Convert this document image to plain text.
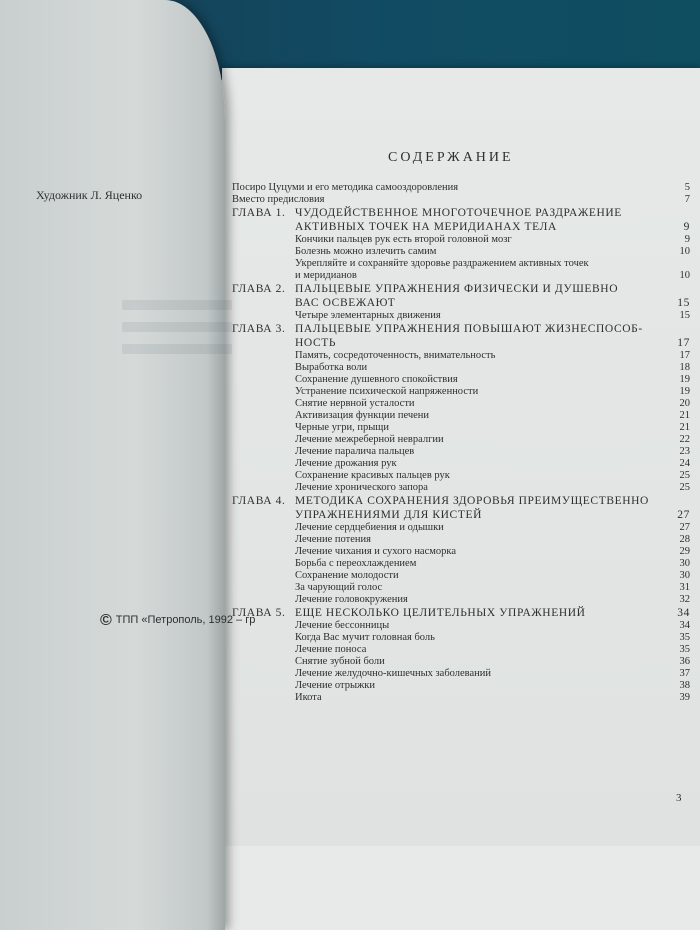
Художник Л. Яценко
© ТПП «Петрополь, 1992 – гр
СОДЕРЖАНИЕ
Посиро Цуцуми и его методика самооздоровления	5
Вместо предисловия	7
ГЛАВА 1. ЧУДОДЕЙСТВЕННОЕ МНОГОТОЧЕЧНОЕ РАЗДРАЖЕНИЕ
АКТИВНЫХ ТОЧЕК НА МЕРИДИАНАХ ТЕЛА	9
Кончики пальцев рук есть второй головной мозг	9
Болезнь можно излечить самим	10
Укрепляйте и сохраняйте здоровье раздражением активных точек
и меридианов	10
ГЛАВА 2. ПАЛЬЦЕВЫЕ УПРАЖНЕНИЯ ФИЗИЧЕСКИ И ДУШЕВНО
ВАС ОСВЕЖАЮТ	15
Четыре элементарных движения	15
ГЛАВА 3. ПАЛЬЦЕВЫЕ УПРАЖНЕНИЯ ПОВЫШАЮТ ЖИЗНЕСПОСОБ-
НОСТЬ	17
Память, сосредоточенность, внимательность	17
Выработка воли	18
Сохранение душевного спокойствия	19
Устранение психической напряженности	19
Снятие нервной усталости	20
Активизация функции печени	21
Черные угри, прыщи	21
Лечение межреберной невралгии	22
Лечение паралича пальцев	23
Лечение дрожания рук	24
Сохранение красивых пальцев рук	25
Лечение хронического запора	25
ГЛАВА 4. МЕТОДИКА СОХРАНЕНИЯ ЗДОРОВЬЯ ПРЕИМУЩЕСТВЕННО
УПРАЖНЕНИЯМИ ДЛЯ КИСТЕЙ	27
Лечение сердцебиения и одышки	27
Лечение потения	28
Лечение чихания и сухого насморка	29
Борьба с переохлаждением	30
Сохранение молодости	30
За чарующий голос	31
Лечение головокружения	32
ГЛАВА 5. ЕЩЕ НЕСКОЛЬКО ЦЕЛИТЕЛЬНЫХ УПРАЖНЕНИЙ	34
Лечение бессонницы	34
Когда Вас мучит головная боль	35
Лечение поноса	35
Снятие зубной боли	36
Лечение желудочно-кишечных заболеваний	37
Лечение отрыжки	38
Икота	39
3
